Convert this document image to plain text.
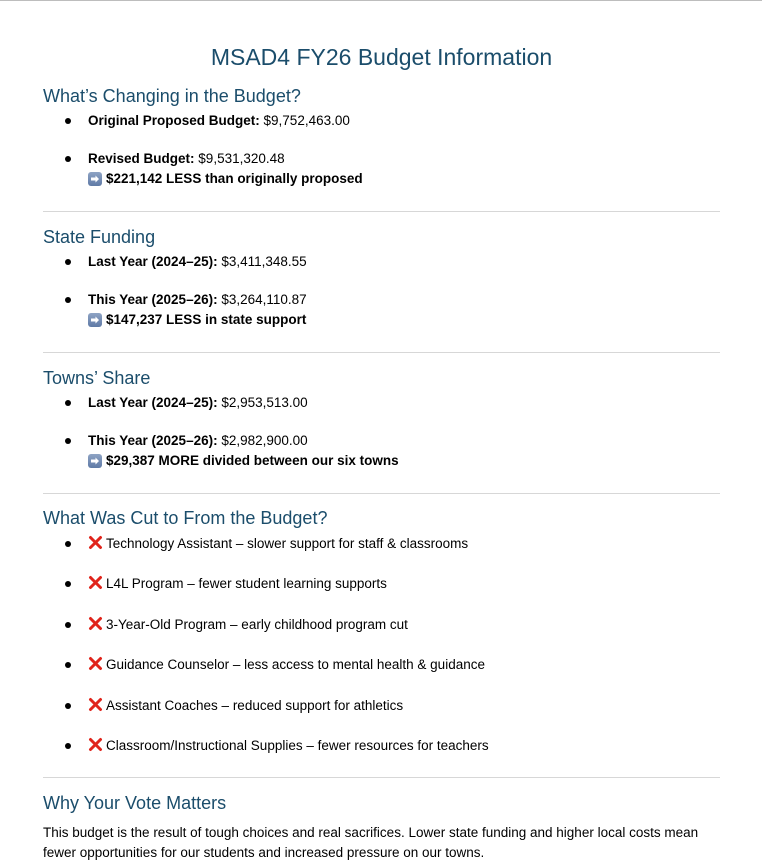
MSAD4 FY26 Budget Information
What’s Changing in the Budget?
Original Proposed Budget: $9,752,463.00
Revised Budget: $9,531,320.48
$221,142 LESS than originally proposed
State Funding
Last Year (2024–25): $3,411,348.55
This Year (2025–26): $3,264,110.87
$147,237 LESS in state support
Towns’ Share
Last Year (2024–25): $2,953,513.00
This Year (2025–26): $2,982,900.00
$29,387 MORE divided between our six towns
What Was Cut to From the Budget?
Technology Assistant – slower support for staff & classrooms
L4L Program – fewer student learning supports
3-Year-Old Program – early childhood program cut
Guidance Counselor – less access to mental health & guidance
Assistant Coaches – reduced support for athletics
Classroom/Instructional Supplies – fewer resources for teachers
Why Your Vote Matters

This budget is the result of tough choices and real sacrifices. Lower state funding and higher local costs mean fewer opportunities for our students and increased pressure on our towns.
